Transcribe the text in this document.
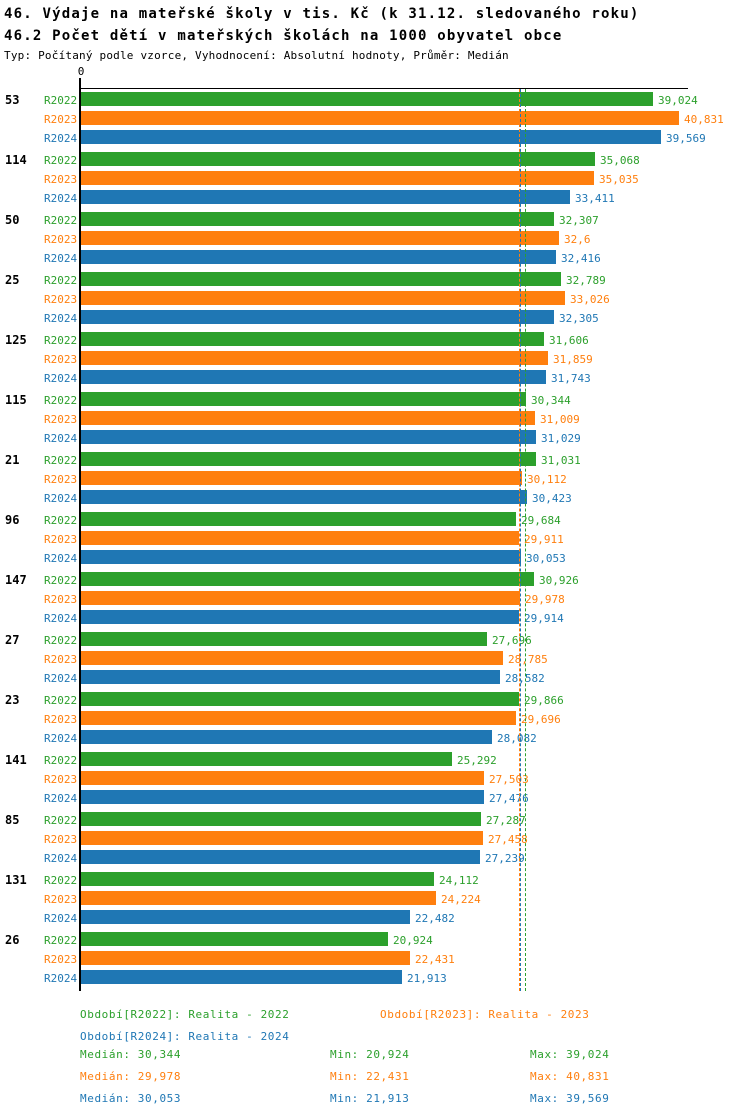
46. Výdaje na mateřské školy v tis. Kč (k 31.12. sledovaného roku)
46.2 Počet dětí v mateřských školách na 1000 obyvatel obce
Typ: Počítaný podle vzorce, Vyhodnocení: Absolutní hodnoty, Průměr: Medián
0
53 R2022	39,024
R2023	40,831
R2024	39,569
114 R2022	35,068
R2023	35,035
R2024	33,411
50 R2022	32,307
R2023	32,6
R2024	32,416
25 R2022	32,789
R2023	33,026
R2024	32,305
125 R2022	31,606
R2023	31,859
R2024	31,743
115 R2022	30,344
R2023	31,009
R2024	31,029
21 R2022	31,031
R2023	30,112
R2024	30,423
96 R2022	29,684
R2023	29,911
R2024	30,053
147 R2022	30,926
R2023	29,978
R2024	29,914
27 R2022	27,696
R2023	28,785
R2024	28,582
23 R2022	29,866
R2023	29,696
R2024	28,082
141 R2022	25,292
R2023	27,503
R2024	27,476
85 R2022	27,287
R2023	27,458
R2024	27,239
131 R2022	24,112
R2023	24,224
R2024	22,482
26 R2022	20,924
R2023	22,431
R2024	21,913
Období[R2022]: Realita - 2022	Období[R2023]: Realita - 2023
Období[R2024]: Realita - 2024
Medián: 30,344	Min: 20,924	Max: 39,024
Medián: 29,978	Min: 22,431	Max: 40,831
Medián: 30,053	Min: 21,913	Max: 39,569
